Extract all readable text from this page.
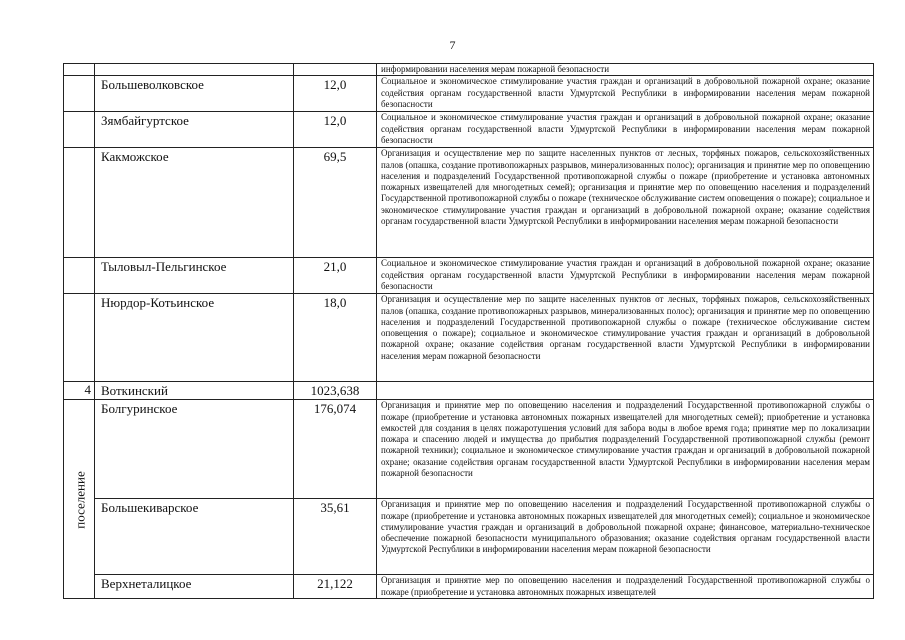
7
			информировании населения мерам пожарной безопасности
	Большеволковское	12,0	Социальное и экономическое стимулирование участия граждан и организаций в добровольной пожарной охране; оказание содействия органам государственной власти Удмуртской Республики в информировании населения мерам пожарной безопасности
	Зямбайгуртское	12,0	Социальное и экономическое стимулирование участия граждан и организаций в добровольной пожарной охране; оказание содействия органам государственной власти Удмуртской Республики в информировании населения мерам пожарной безопасности
	Какможское	69,5	Организация и осуществление мер по защите населенных пунктов от лесных, торфяных пожаров, сельскохозяйственных палов (опашка, создание противопожарных разрывов, минерализованных полос); организация и принятие мер по оповещению населения и подразделений Государственной противопожарной службы о пожаре (приобретение и установка автономных пожарных извещателей для многодетных семей); организация и принятие мер по оповещению населения и подразделений Государственной противопожарной службы о пожаре (техническое обслуживание систем оповещения о пожаре); социальное и экономическое стимулирование участия граждан и организаций в добровольной пожарной охране; оказание содействия органам государственной власти Удмуртской Республики в информировании населения мерам пожарной безопасности
	Тыловыл-Пельгинское	21,0	Социальное и экономическое стимулирование участия граждан и организаций в добровольной пожарной охране; оказание содействия органам государственной власти Удмуртской Республики в информировании населения мерам пожарной безопасности
	Нюрдор-Котьинское	18,0	Организация и осуществление мер по защите населенных пунктов от лесных, торфяных пожаров, сельскохозяйственных палов (опашка, создание противопожарных разрывов, минерализованных полос); организация и принятие мер по оповещению населения и подразделений Государственной противопожарной службы о пожаре (техническое обслуживание систем оповещения о пожаре); социальное и экономическое стимулирование участия граждан и организаций в добровольной пожарной охране; оказание содействия органам государственной власти Удмуртской Республики в информировании населения мерам пожарной безопасности
4	Воткинский	1023,638	

поселение	Болгуринское	176,074	Организация и принятие мер по оповещению населения и подразделений Государственной противопожарной службы о пожаре (приобретение и установка автономных пожарных извещателей для многодетных семей); приобретение и установка емкостей для создания в целях пожаротушения условий для забора воды в любое время года; принятие мер по локализации пожара и спасению людей и имущества до прибытия подразделений Государственной противопожарной службы (ремонт пожарной техники); социальное и экономическое стимулирование участия граждан и организаций в добровольной пожарной охране; оказание содействия органам государственной власти Удмуртской Республики в информировании населения мерам пожарной безопасности
	Большекиварское	35,61	Организация и принятие мер по оповещению населения и подразделений Государственной противопожарной службы о пожаре (приобретение и установка автономных пожарных извещателей для многодетных семей); социальное и экономическое стимулирование участия граждан и организаций в добровольной пожарной охране; финансовое, материально-техническое обеспечение пожарной безопасности муниципального образования; оказание содействия органам государственной власти Удмуртской Республики в информировании населения мерам пожарной безопасности
	Верхнеталицкое	21,122	Организация и принятие мер по оповещению населения и подразделений Государственной противопожарной службы о пожаре (приобретение и установка автономных пожарных извещателей
